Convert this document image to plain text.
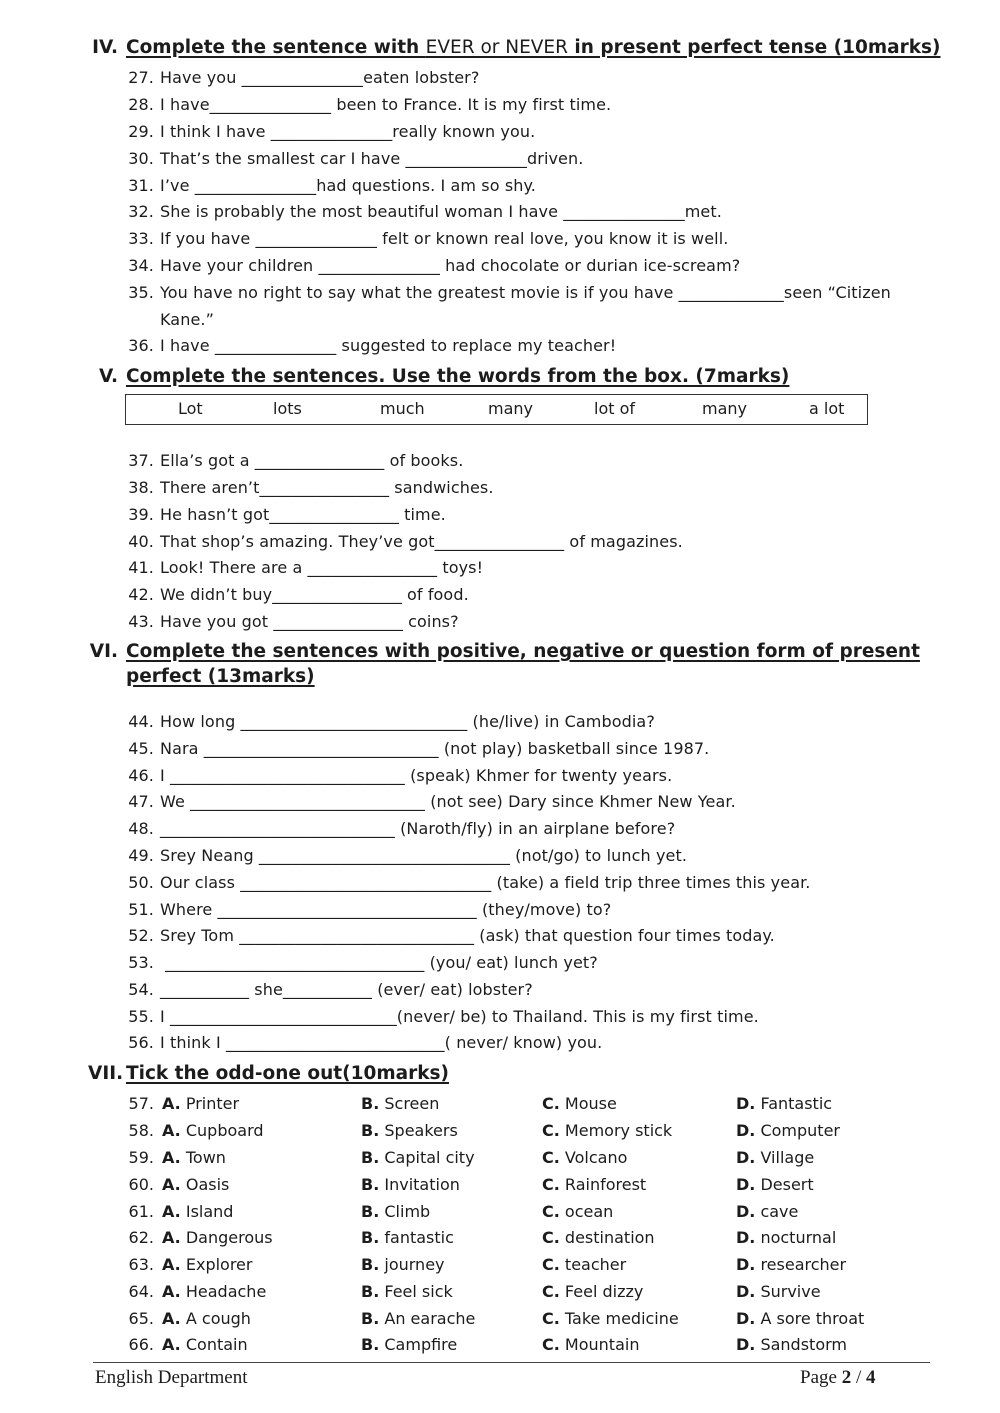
IV. Complete the sentence with EVER or NEVER in present perfect tense (10marks)
27. Have you _______________eaten lobster?
28. I have_______________ been to France. It is my first time.
29. I think I have _______________really known you.
30. That’s the smallest car I have _______________driven.
31. I’ve _______________had questions. I am so shy.
32. She is probably the most beautiful woman I have _______________met.
33. If you have _______________ felt or known real love, you know it is well.
34. Have your children _______________ had chocolate or durian ice-scream?
35. You have no right to say what the greatest movie is if you have _____________seen “Citizen
Kane.”
36. I have _______________ suggested to replace my teacher!
V. Complete the sentences. Use the words from the box. (7marks)
Lot	lots	much	many	lot of	many	a lot
37. Ella’s got a ________________ of books.
38. There aren’t________________ sandwiches.
39. He hasn’t got________________ time.
40. That shop’s amazing. They’ve got________________ of magazines.
41. Look! There are a ________________ toys!
42. We didn’t buy________________ of food.
43. Have you got ________________ coins?
VI. Complete the sentences with positive, negative or question form of present
perfect (13marks)
44. How long ____________________________ (he/live) in Cambodia?
45. Nara _____________________________ (not play) basketball since 1987.
46. I _____________________________ (speak) Khmer for twenty years.
47. We _____________________________ (not see) Dary since Khmer New Year.
48. _____________________________ (Naroth/fly) in an airplane before?
49. Srey Neang _______________________________ (not/go) to lunch yet.
50. Our class _______________________________ (take) a field trip three times this year.
51. Where ________________________________ (they/move) to?
52. Srey Tom _____________________________ (ask) that question four times today.
53. ________________________________ (you/ eat) lunch yet?
54. ___________ she___________ (ever/ eat) lobster?
55. I ____________________________(never/ be) to Thailand. This is my first time.
56. I think I ___________________________( never/ know) you.
VII. Tick the odd-one out(10marks)
57. A. Printer	B. Screen	C. Mouse	D. Fantastic
58. A. Cupboard	B. Speakers	C. Memory stick	D. Computer
59. A. Town	B. Capital city	C. Volcano	D. Village
60. A. Oasis	B. Invitation	C. Rainforest	D. Desert
61. A. Island	B. Climb	C. ocean	D. cave
62. A. Dangerous	B. fantastic	C. destination	D. nocturnal
63. A. Explorer	B. journey	C. teacher	D. researcher
64. A. Headache	B. Feel sick	C. Feel dizzy	D. Survive
65. A. A cough	B. An earache	C. Take medicine	D. A sore throat
66. A. Contain	B. Campfire	C. Mountain	D. Sandstorm
English Department	Page 2 / 4
